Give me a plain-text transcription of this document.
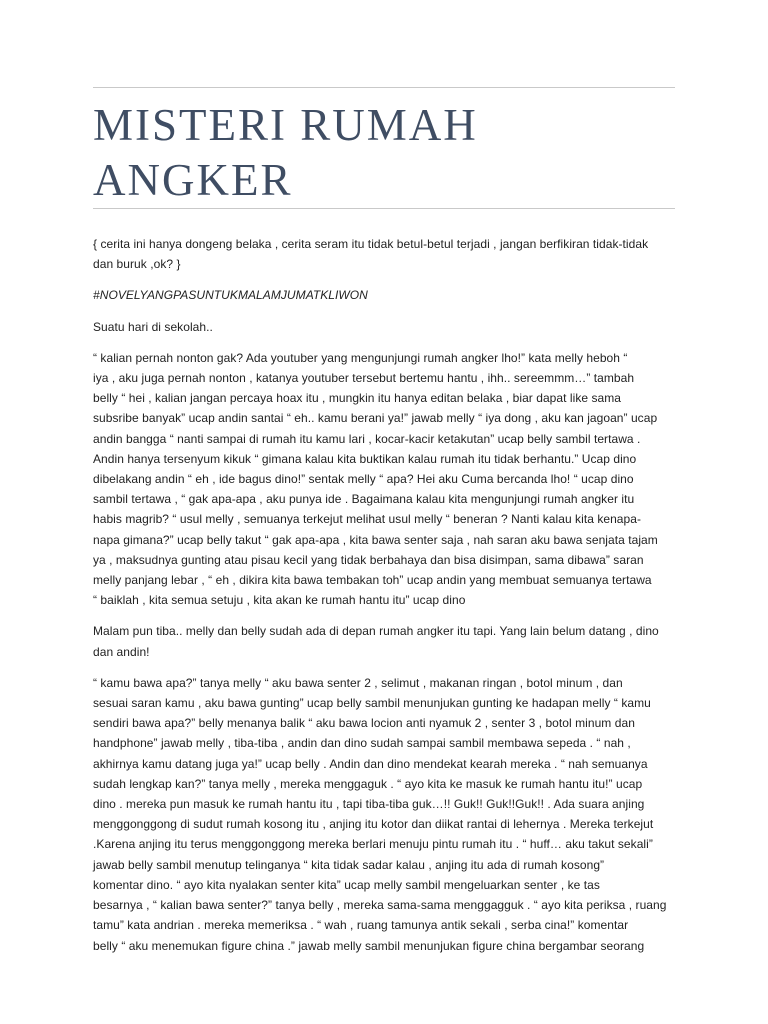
MISTERI RUMAH
ANGKER
{ cerita ini hanya dongeng belaka , cerita seram itu tidak betul-betul terjadi , jangan berfikiran tidak-tidak
dan buruk ,ok? }
#NOVELYANGPASUNTUKMALAMJUMATKLIWON
Suatu hari di sekolah..
“ kalian pernah nonton gak? Ada youtuber yang mengunjungi rumah angker lho!” kata melly heboh “
iya , aku juga pernah nonton , katanya youtuber tersebut bertemu hantu , ihh.. sereemmm…” tambah
belly “ hei , kalian jangan percaya hoax itu , mungkin itu hanya editan belaka , biar dapat like sama
subsribe banyak” ucap andin santai “ eh.. kamu berani ya!” jawab melly “ iya dong , aku kan jagoan” ucap
andin bangga “ nanti sampai di rumah itu kamu lari , kocar-kacir ketakutan” ucap belly sambil tertawa .
Andin hanya tersenyum kikuk “ gimana kalau kita buktikan kalau rumah itu tidak berhantu.” Ucap dino
dibelakang andin “ eh , ide bagus dino!” sentak melly “ apa? Hei aku Cuma bercanda lho! “ ucap dino
sambil tertawa , “ gak apa-apa , aku punya ide . Bagaimana kalau kita mengunjungi rumah angker itu
habis magrib? “ usul melly , semuanya terkejut melihat usul melly “ beneran ? Nanti kalau kita kenapa-
napa gimana?” ucap belly takut “ gak apa-apa , kita bawa senter saja , nah saran aku bawa senjata tajam
ya , maksudnya gunting atau pisau kecil yang tidak berbahaya dan bisa disimpan, sama dibawa” saran
melly panjang lebar , “ eh , dikira kita bawa tembakan toh” ucap andin yang membuat semuanya tertawa
“ baiklah , kita semua setuju , kita akan ke rumah hantu itu” ucap dino
Malam pun tiba.. melly dan belly sudah ada di depan rumah angker itu tapi. Yang lain belum datang , dino
dan andin!
“ kamu bawa apa?” tanya melly “ aku bawa senter 2 , selimut , makanan ringan , botol minum , dan
sesuai saran kamu , aku bawa gunting” ucap belly sambil menunjukan gunting ke hadapan melly “ kamu
sendiri bawa apa?” belly menanya balik “ aku bawa locion anti nyamuk 2 , senter 3 , botol minum dan
handphone” jawab melly , tiba-tiba , andin dan dino sudah sampai sambil membawa sepeda . “ nah ,
akhirnya kamu datang juga ya!” ucap belly . Andin dan dino mendekat kearah mereka . “ nah semuanya
sudah lengkap kan?” tanya melly , mereka menggaguk . “ ayo kita ke masuk ke rumah hantu itu!” ucap
dino . mereka pun masuk ke rumah hantu itu , tapi tiba-tiba guk…!! Guk!! Guk!!Guk!! . Ada suara anjing
menggonggong di sudut rumah kosong itu , anjing itu kotor dan diikat rantai di lehernya . Mereka terkejut
.Karena anjing itu terus menggonggong mereka berlari menuju pintu rumah itu . “ huff… aku takut sekali”
jawab belly sambil menutup telinganya “ kita tidak sadar kalau , anjing itu ada di rumah kosong”
komentar dino. “ ayo kita nyalakan senter kita” ucap melly sambil mengeluarkan senter , ke tas
besarnya , “ kalian bawa senter?” tanya belly , mereka sama-sama menggagguk . “ ayo kita periksa , ruang
tamu” kata andrian . mereka memeriksa . “ wah , ruang tamunya antik sekali , serba cina!” komentar
belly “ aku menemukan figure china .” jawab melly sambil menunjukan figure china bergambar seorang
